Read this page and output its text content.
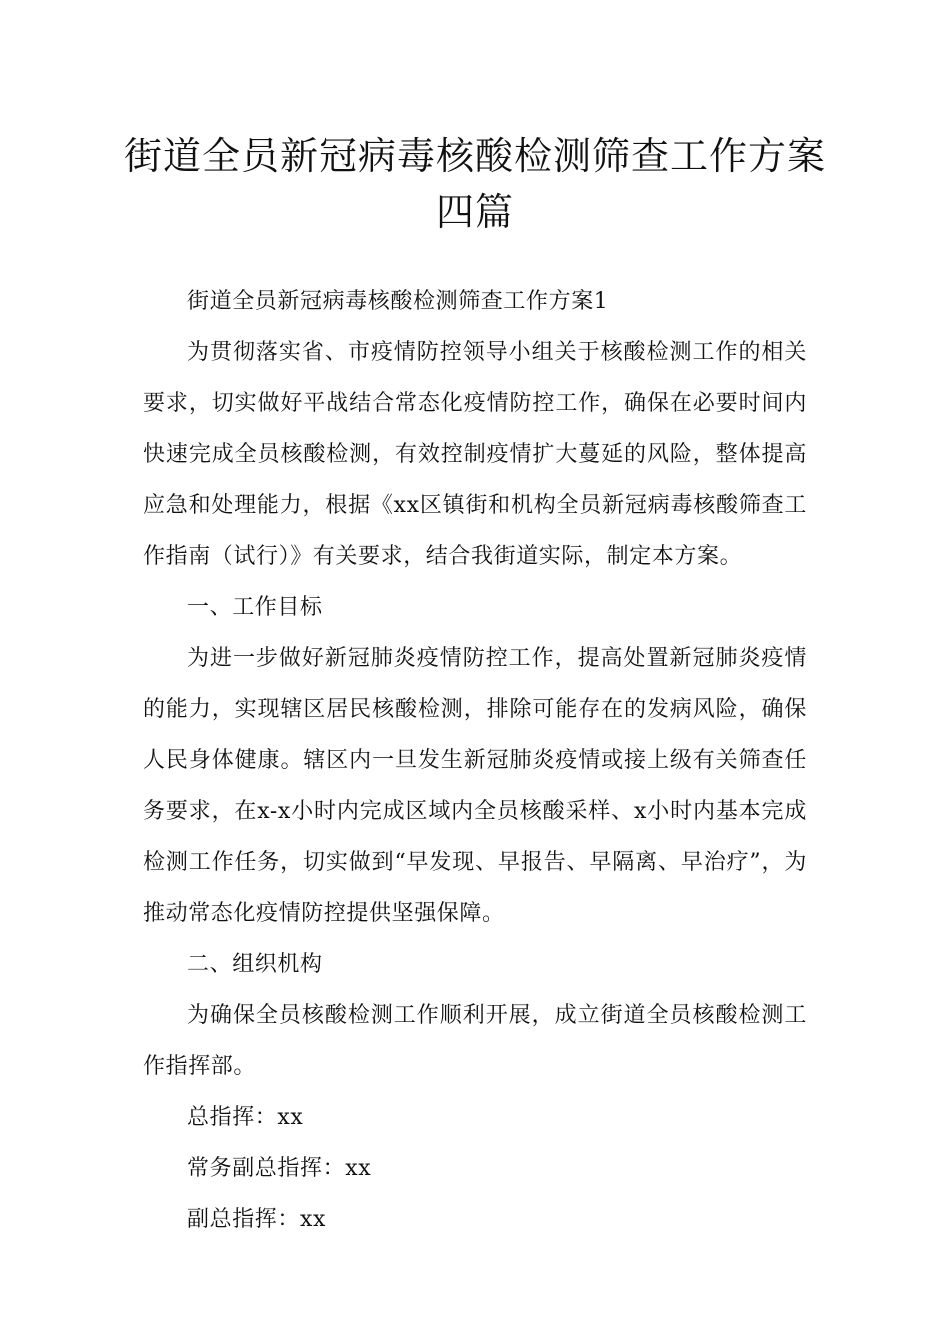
街道全员新冠病毒核酸检测筛查工作方案四篇

街道全员新冠病毒核酸检测筛查工作方案1

为贯彻落实省、市疫情防控领导小组关于核酸检测工作的相关要求，切实做好平战结合常态化疫情防控工作，确保在必要时间内快速完成全员核酸检测，有效控制疫情扩大蔓延的风险，整体提高应急和处理能力，根据《xx区镇街和机构全员新冠病毒核酸筛查工作指南（试行）》有关要求，结合我街道实际，制定本方案。

一、工作目标

为进一步做好新冠肺炎疫情防控工作，提高处置新冠肺炎疫情的能力，实现辖区居民核酸检测，排除可能存在的发病风险，确保人民身体健康。辖区内一旦发生新冠肺炎疫情或接上级有关筛查任务要求，在x-x小时内完成区域内全员核酸采样、x小时内基本完成检测工作任务，切实做到“早发现、早报告、早隔离、早治疗”，为推动常态化疫情防控提供坚强保障。

二、组织机构

为确保全员核酸检测工作顺利开展，成立街道全员核酸检测工作指挥部。

总指挥：xx

常务副总指挥：xx

副总指挥：xx
